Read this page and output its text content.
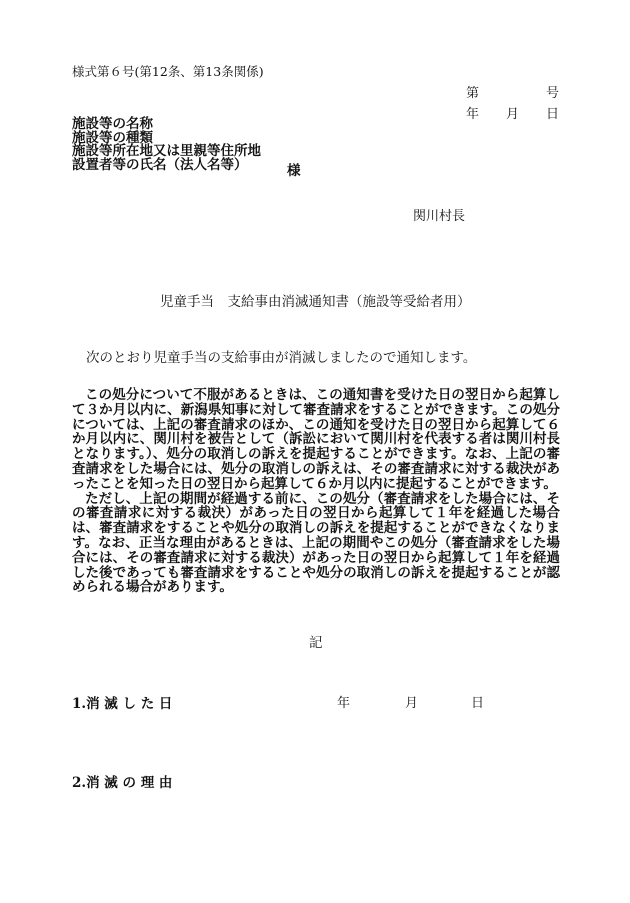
様式第６号(第12条、第13条関係)
第	号
年 月 日
施設等の名称
施設等の種類
施設等所在地又は里親等住所地
設置者等の氏名（法人名等）	様
関川村長
児童手当　支給事由消滅通知書（施設等受給者用）
次のとおり児童手当の支給事由が消滅しましたので通知します。

この処分について不服があるときは、この通知書を受けた日の翌日から起算して３か月以内に、新潟県知事に対して審査請求をすることができます。この処分については、上記の審査請求のほか、この通知を受けた日の翌日から起算して６か月以内に、関川村を被告として（訴訟において関川村を代表する者は関川村長となります。）、処分の取消しの訴えを提起することができます。なお、上記の審査請求をした場合には、処分の取消しの訴えは、その審査請求に対する裁決があったことを知った日の翌日から起算して６か月以内に提起することができます。

ただし、上記の期間が経過する前に、この処分（審査請求をした場合には、その審査請求に対する裁決）があった日の翌日から起算して１年を経過した場合は、審査請求をすることや処分の取消しの訴えを提起することができなくなります。なお、正当な理由があるときは、上記の期間やこの処分（審査請求をした場合には、その審査請求に対する裁決）があった日の翌日から起算して１年を経過した後であっても審査請求をすることや処分の取消しの訴えを提起することが認められる場合があります。

記
1.消 滅 し た 日	年	月	日
2.消 滅 の 理 由
